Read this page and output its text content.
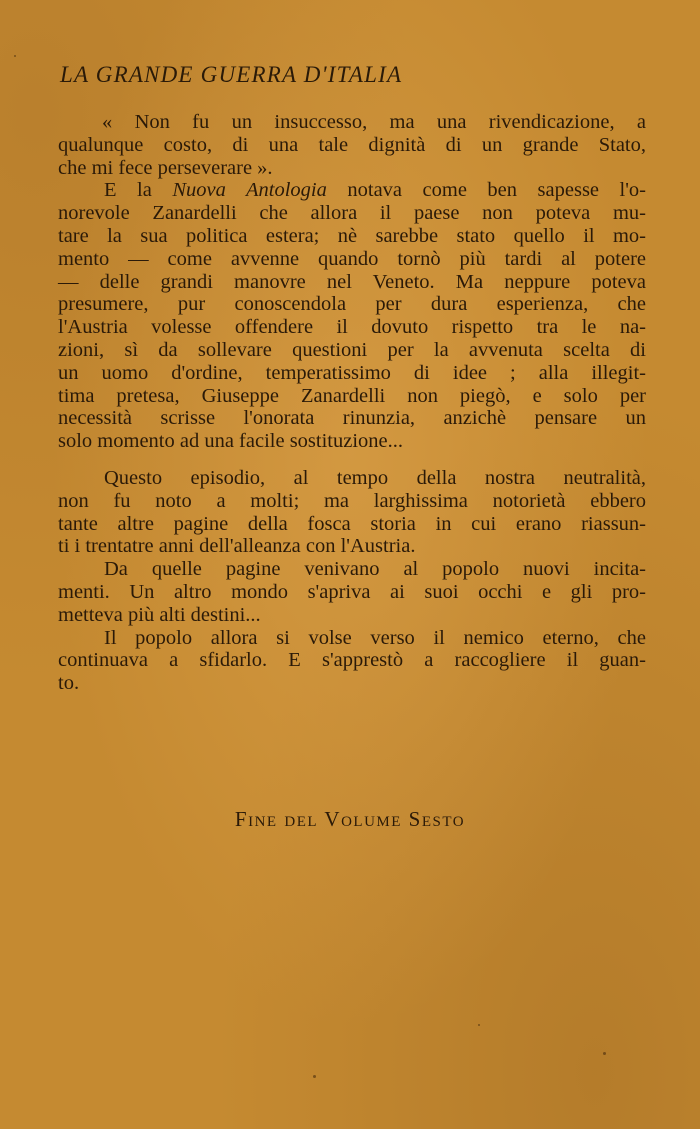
LA GRANDE GUERRA D'ITALIA
« Non fu un insuccesso, ma una rivendicazione, a
qualunque costo, di una tale dignità di un grande Stato,
che mi fece perseverare ».
E la Nuova Antologia notava come ben sapesse l'o-
norevole Zanardelli che allora il paese non poteva mu-
tare la sua politica estera; nè sarebbe stato quello il mo-
mento — come avvenne quando tornò più tardi al potere
— delle grandi manovre nel Veneto. Ma neppure poteva
presumere, pur conoscendola per dura esperienza, che
l'Austria volesse offendere il dovuto rispetto tra le na-
zioni, sì da sollevare questioni per la avvenuta scelta di
un uomo d'ordine, temperatissimo di idee ; alla illegit-
tima pretesa, Giuseppe Zanardelli non piegò, e solo per
necessità scrisse l'onorata rinunzia, anzichè pensare un
solo momento ad una facile sostituzione...
Questo episodio, al tempo della nostra neutralità,
non fu noto a molti; ma larghissima notorietà ebbero
tante altre pagine della fosca storia in cui erano riassun-
ti i trentatre anni dell'alleanza con l'Austria.
Da quelle pagine venivano al popolo nuovi incita-
menti. Un altro mondo s'apriva ai suoi occhi e gli pro-
metteva più alti destini...
Il popolo allora si volse verso il nemico eterno, che
continuava a sfidarlo. E s'apprestò a raccogliere il guan-
to.
FINE DEL VOLUME SESTO
